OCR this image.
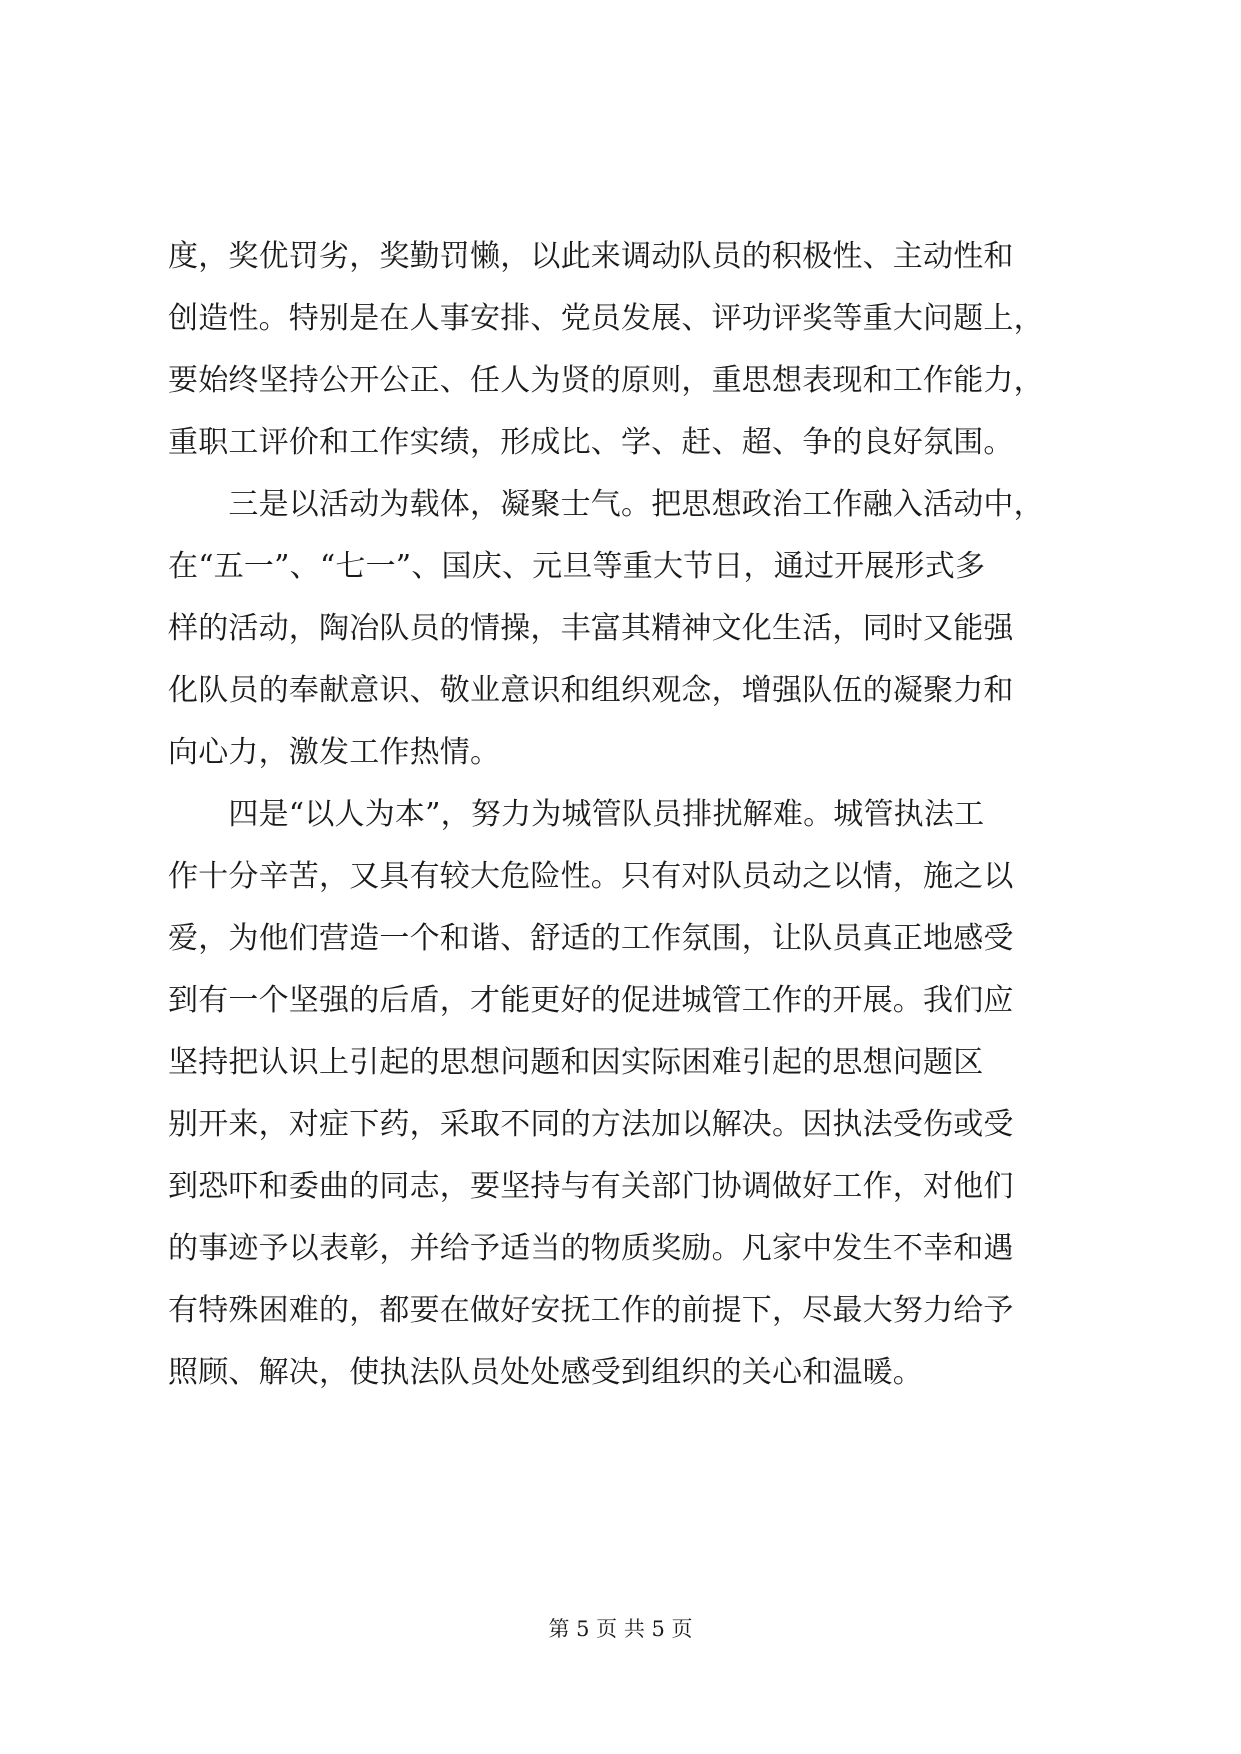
度，奖优罚劣，奖勤罚懒，以此来调动队员的积极性、主动性和
创造性。特别是在人事安排、党员发展、评功评奖等重大问题上，
要始终坚持公开公正、任人为贤的原则，重思想表现和工作能力，
重职工评价和工作实绩，形成比、学、赶、超、争的良好氛围。
　　三是以活动为载体，凝聚士气。把思想政治工作融入活动中，
在“五一”、“七一”、国庆、元旦等重大节日，通过开展形式多
样的活动，陶冶队员的情操，丰富其精神文化生活，同时又能强
化队员的奉献意识、敬业意识和组织观念，增强队伍的凝聚力和
向心力，激发工作热情。
　　四是“以人为本”，努力为城管队员排扰解难。城管执法工
作十分辛苦，又具有较大危险性。只有对队员动之以情，施之以
爱，为他们营造一个和谐、舒适的工作氛围，让队员真正地感受
到有一个坚强的后盾，才能更好的促进城管工作的开展。我们应
坚持把认识上引起的思想问题和因实际困难引起的思想问题区
别开来，对症下药，采取不同的方法加以解决。因执法受伤或受
到恐吓和委曲的同志，要坚持与有关部门协调做好工作，对他们
的事迹予以表彰，并给予适当的物质奖励。凡家中发生不幸和遇
有特殊困难的，都要在做好安抚工作的前提下，尽最大努力给予
照顾、解决，使执法队员处处感受到组织的关心和温暖。
第 5 页 共 5 页
